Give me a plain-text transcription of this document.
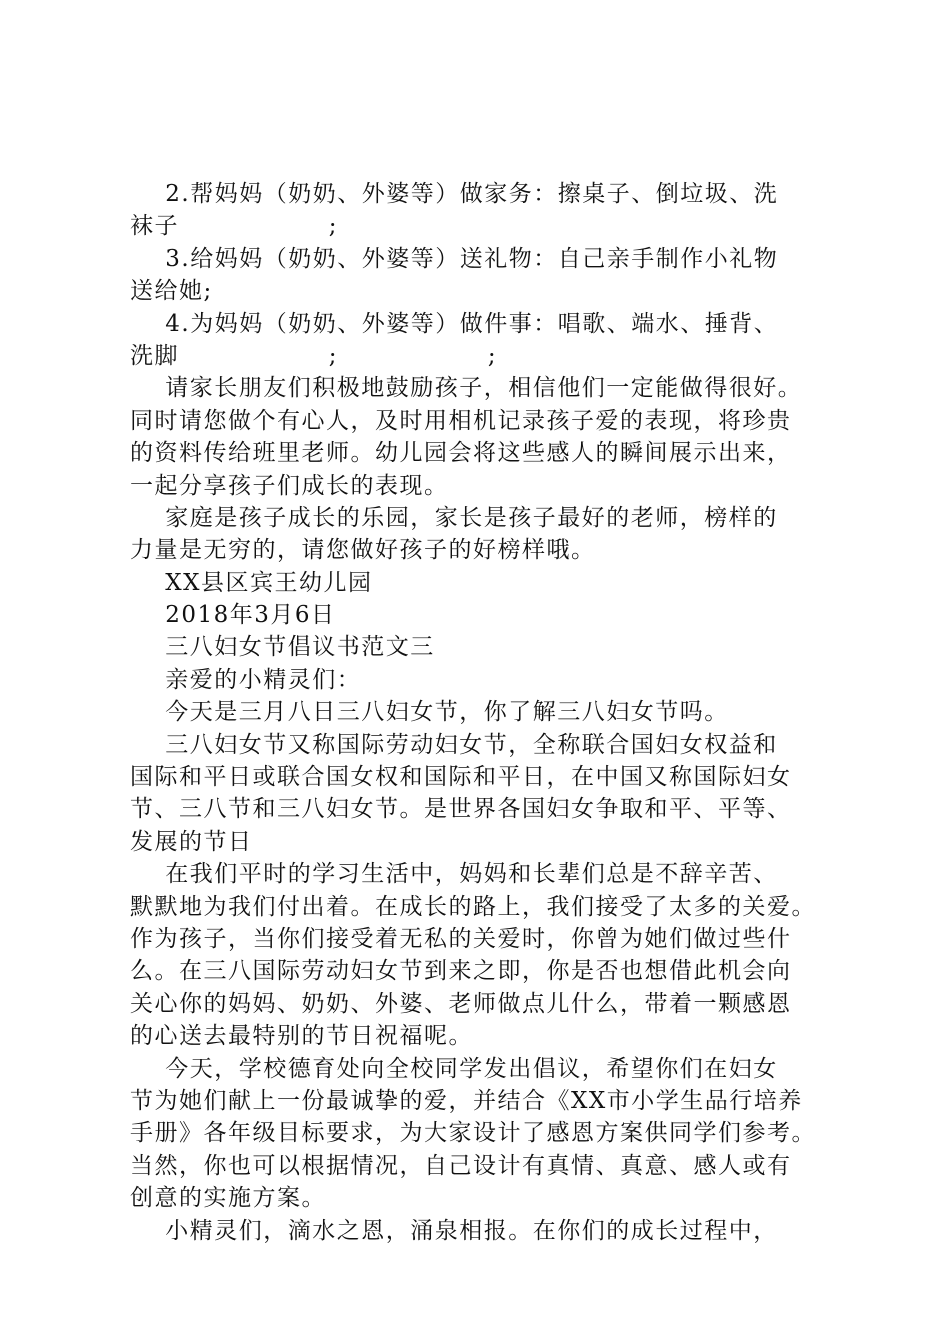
2.帮妈妈（奶奶、外婆等）做家务：擦桌子、倒垃圾、洗
袜子                 ;
3.给妈妈（奶奶、外婆等）送礼物：自己亲手制作小礼物
送给她;
4.为妈妈（奶奶、外婆等）做件事：唱歌、端水、捶背、
洗脚                 ;                 ;
请家长朋友们积极地鼓励孩子，相信他们一定能做得很好。
同时请您做个有心人，及时用相机记录孩子爱的表现，将珍贵
的资料传给班里老师。幼儿园会将这些感人的瞬间展示出来，
一起分享孩子们成长的表现。
家庭是孩子成长的乐园，家长是孩子最好的老师，榜样的
力量是无穷的，请您做好孩子的好榜样哦。
XX县区宾王幼儿园
2018年3月6日
三八妇女节倡议书范文三
亲爱的小精灵们：
今天是三月八日三八妇女节，你了解三八妇女节吗。
三八妇女节又称国际劳动妇女节，全称联合国妇女权益和
国际和平日或联合国女权和国际和平日，在中国又称国际妇女
节、三八节和三八妇女节。是世界各国妇女争取和平、平等、
发展的节日
在我们平时的学习生活中，妈妈和长辈们总是不辞辛苦、
默默地为我们付出着。在成长的路上，我们接受了太多的关爱。
作为孩子，当你们接受着无私的关爱时，你曾为她们做过些什
么。在三八国际劳动妇女节到来之即，你是否也想借此机会向
关心你的妈妈、奶奶、外婆、老师做点儿什么，带着一颗感恩
的心送去最特别的节日祝福呢。
今天，学校德育处向全校同学发出倡议，希望你们在妇女
节为她们献上一份最诚挚的爱，并结合《XX市小学生品行培养
手册》各年级目标要求，为大家设计了感恩方案供同学们参考。
当然，你也可以根据情况，自己设计有真情、真意、感人或有
创意的实施方案。
小精灵们，滴水之恩，涌泉相报。在你们的成长过程中，
